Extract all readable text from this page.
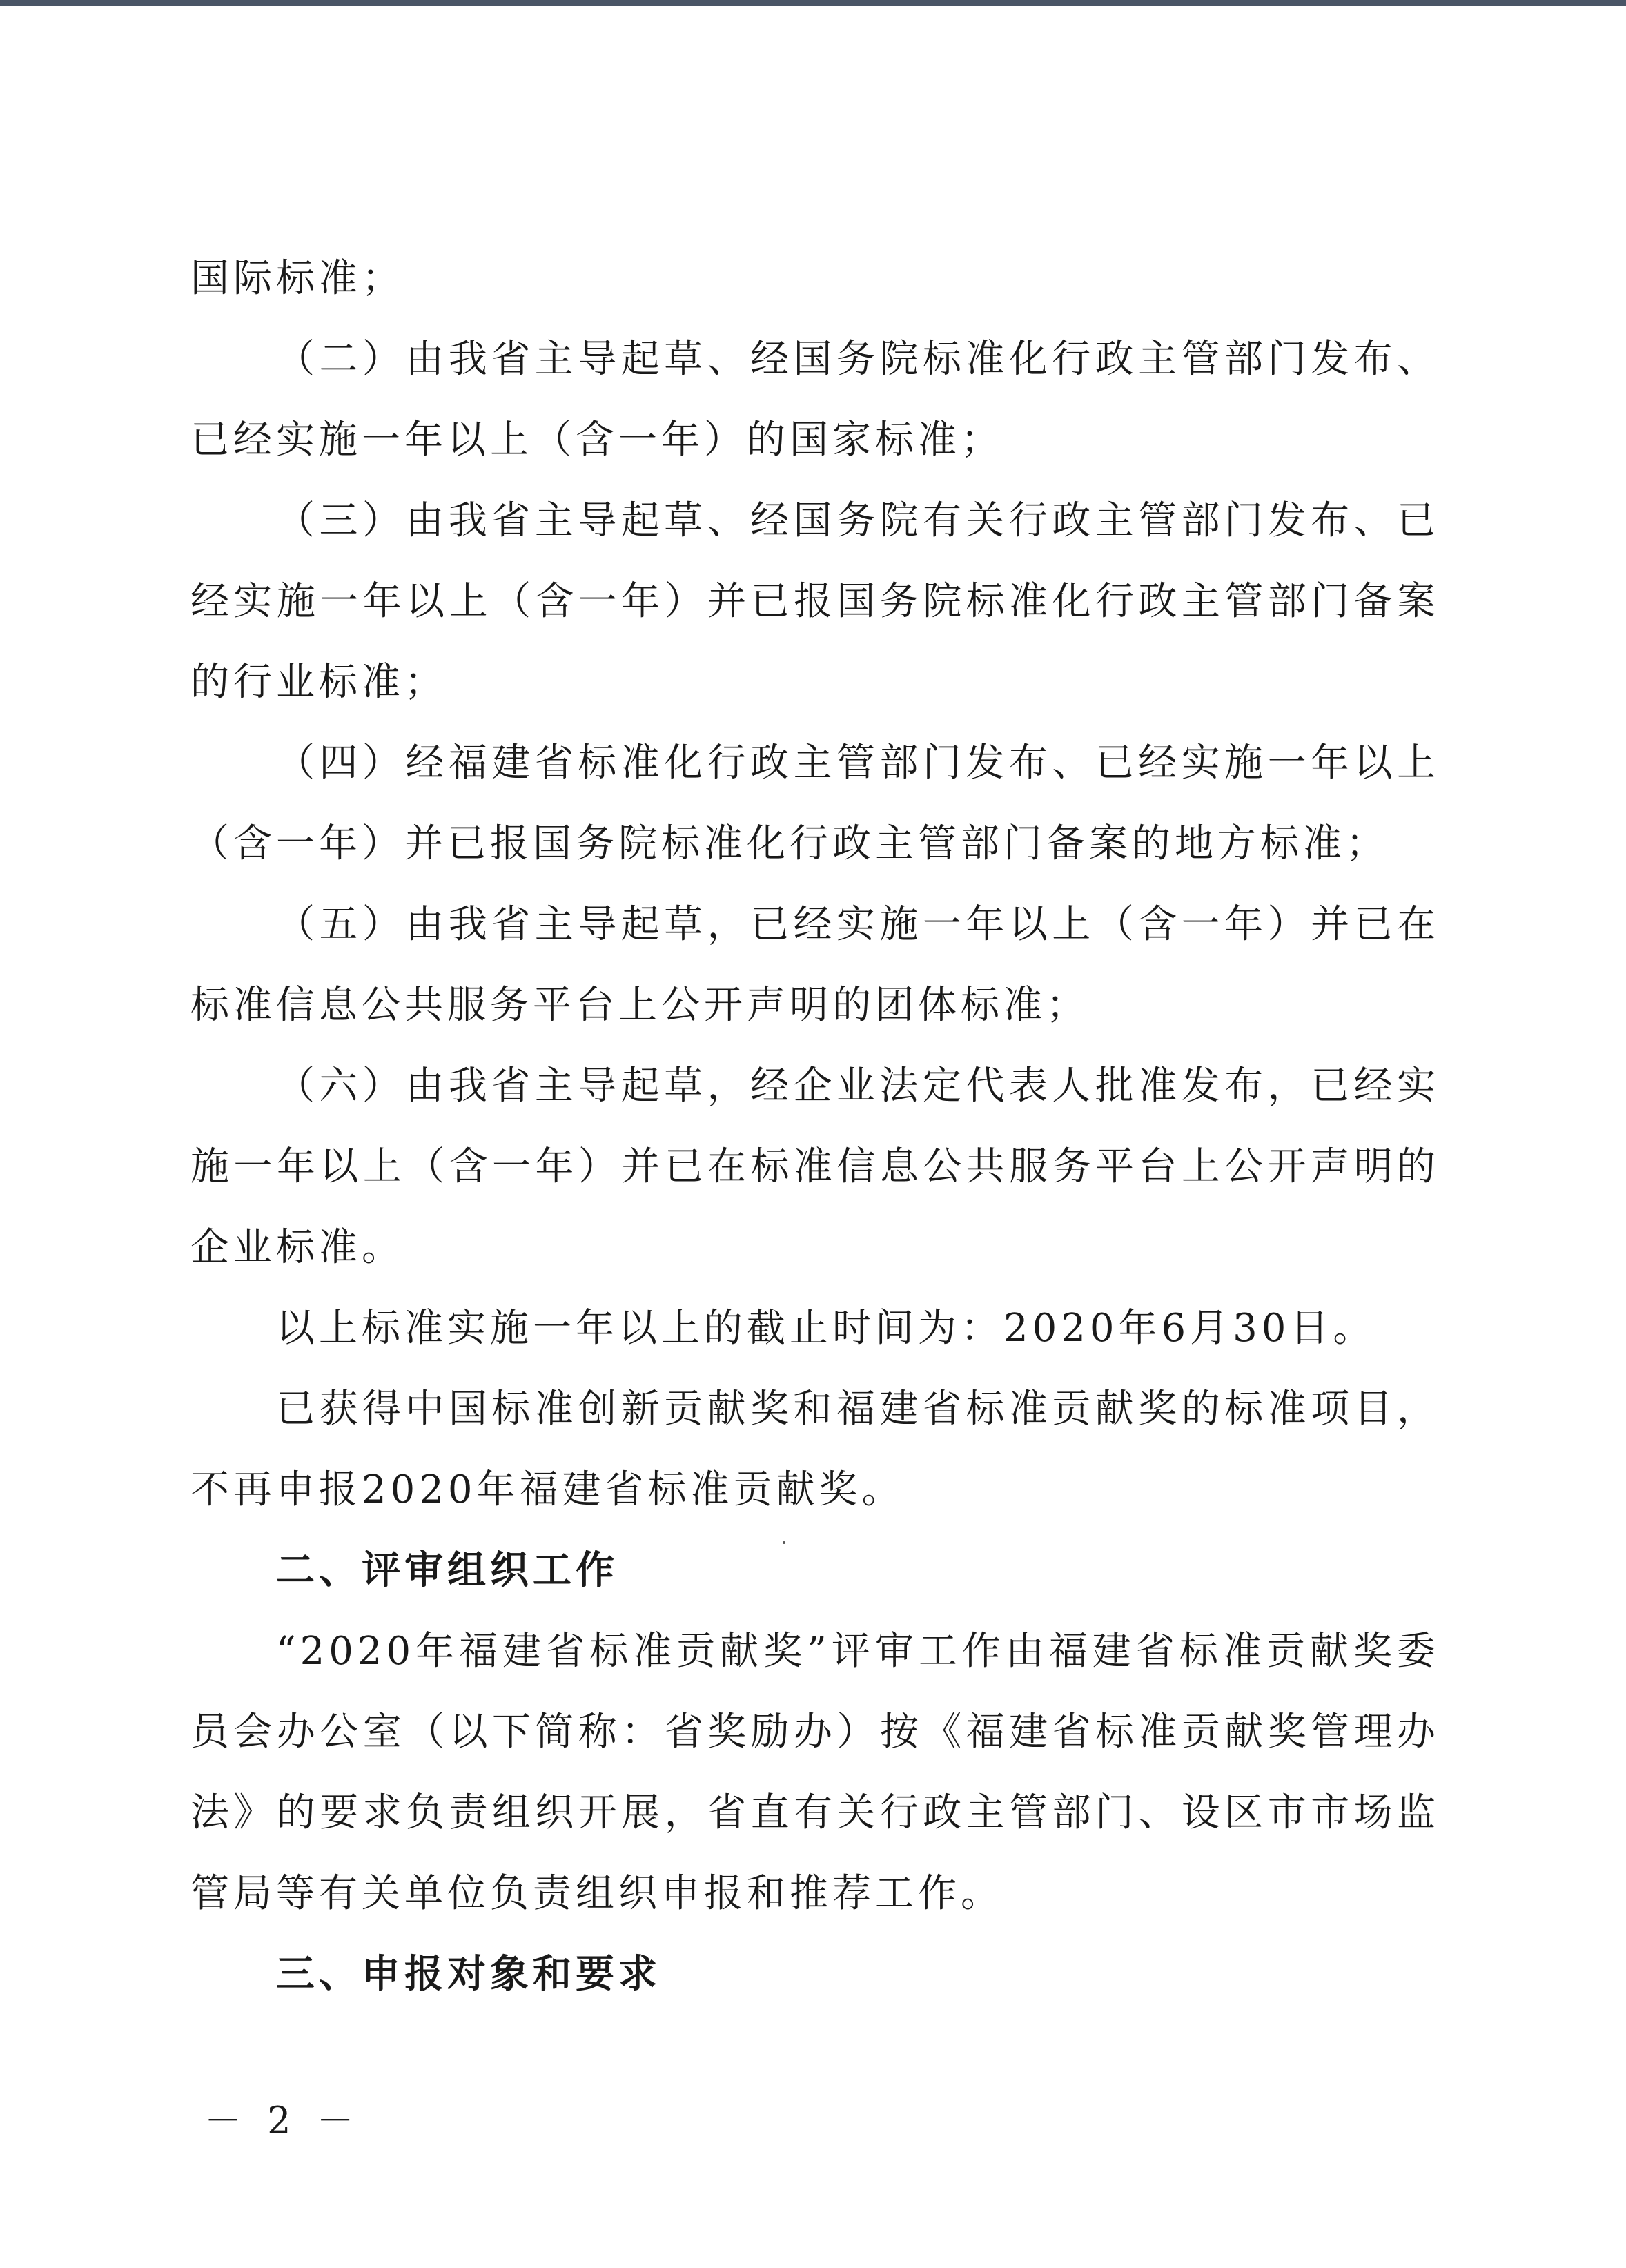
国际标准；

（二）由我省主导起草、经国务院标准化行政主管部门发布、已经实施一年以上（含一年）的国家标准；

（三）由我省主导起草、经国务院有关行政主管部门发布、已经实施一年以上（含一年）并已报国务院标准化行政主管部门备案的行业标准；

（四）经福建省标准化行政主管部门发布、已经实施一年以上（含一年）并已报国务院标准化行政主管部门备案的地方标准；

（五）由我省主导起草，已经实施一年以上（含一年）并已在标准信息公共服务平台上公开声明的团体标准；

（六）由我省主导起草，经企业法定代表人批准发布，已经实施一年以上（含一年）并已在标准信息公共服务平台上公开声明的企业标准。

以上标准实施一年以上的截止时间为：2020年6月30日。

已获得中国标准创新贡献奖和福建省标准贡献奖的标准项目，不再申报2020年福建省标准贡献奖。

二、评审组织工作

“2020年福建省标准贡献奖”评审工作由福建省标准贡献奖委员会办公室（以下简称：省奖励办）按《福建省标准贡献奖管理办法》的要求负责组织开展，省直有关行政主管部门、设区市市场监管局等有关单位负责组织申报和推荐工作。

三、申报对象和要求

－ 2 －
